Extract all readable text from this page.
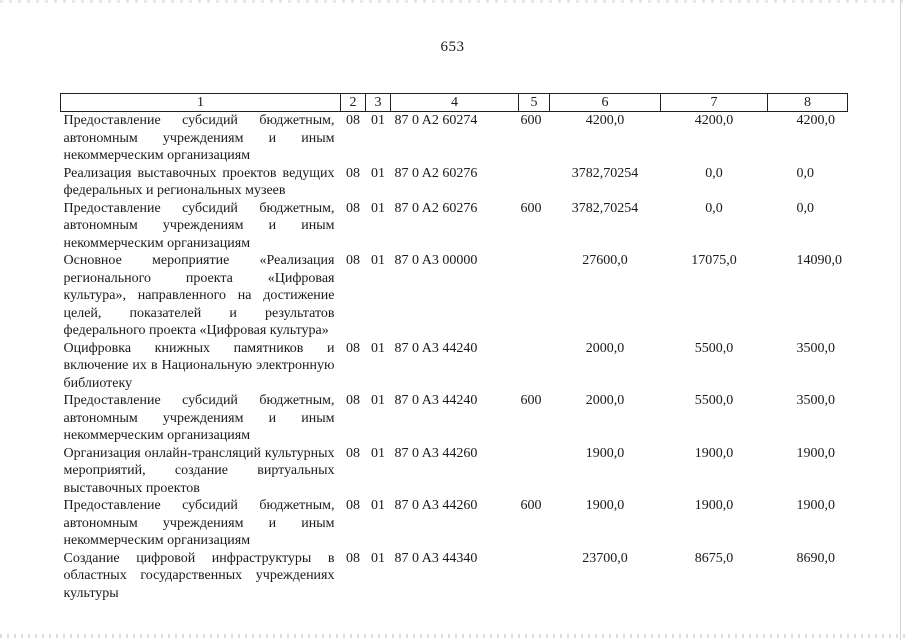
653
1	2	3	4	5	6	7	8
Предоставление субсидий бюджетным, автономным учреждениям и иным некоммерческим организациям	08	01	87 0 A2 60274	600	4200,0	4200,0	4200,0
Реализация выставочных проектов ведущих федеральных и региональных музеев	08	01	87 0 A2 60276		3782,70254	0,0	0,0
Предоставление субсидий бюджетным, автономным учреждениям и иным некоммерческим организациям	08	01	87 0 A2 60276	600	3782,70254	0,0	0,0
Основное мероприятие «Реализация регионального проекта «Цифровая культура», направленного на достижение целей, показателей и результатов федерального проекта «Цифровая культура»	08	01	87 0 A3 00000		27600,0	17075,0	14090,0
Оцифровка книжных памятников и включение их в Национальную электронную библиотеку	08	01	87 0 A3 44240		2000,0	5500,0	3500,0
Предоставление субсидий бюджетным, автономным учреждениям и иным некоммерческим организациям	08	01	87 0 A3 44240	600	2000,0	5500,0	3500,0
Организация онлайн-трансляций культурных мероприятий, создание виртуальных выставочных проектов	08	01	87 0 A3 44260		1900,0	1900,0	1900,0
Предоставление субсидий бюджетным, автономным учреждениям и иным некоммерческим организациям	08	01	87 0 A3 44260	600	1900,0	1900,0	1900,0
Создание цифровой инфраструктуры в областных государственных учреждениях культуры	08	01	87 0 A3 44340		23700,0	8675,0	8690,0
